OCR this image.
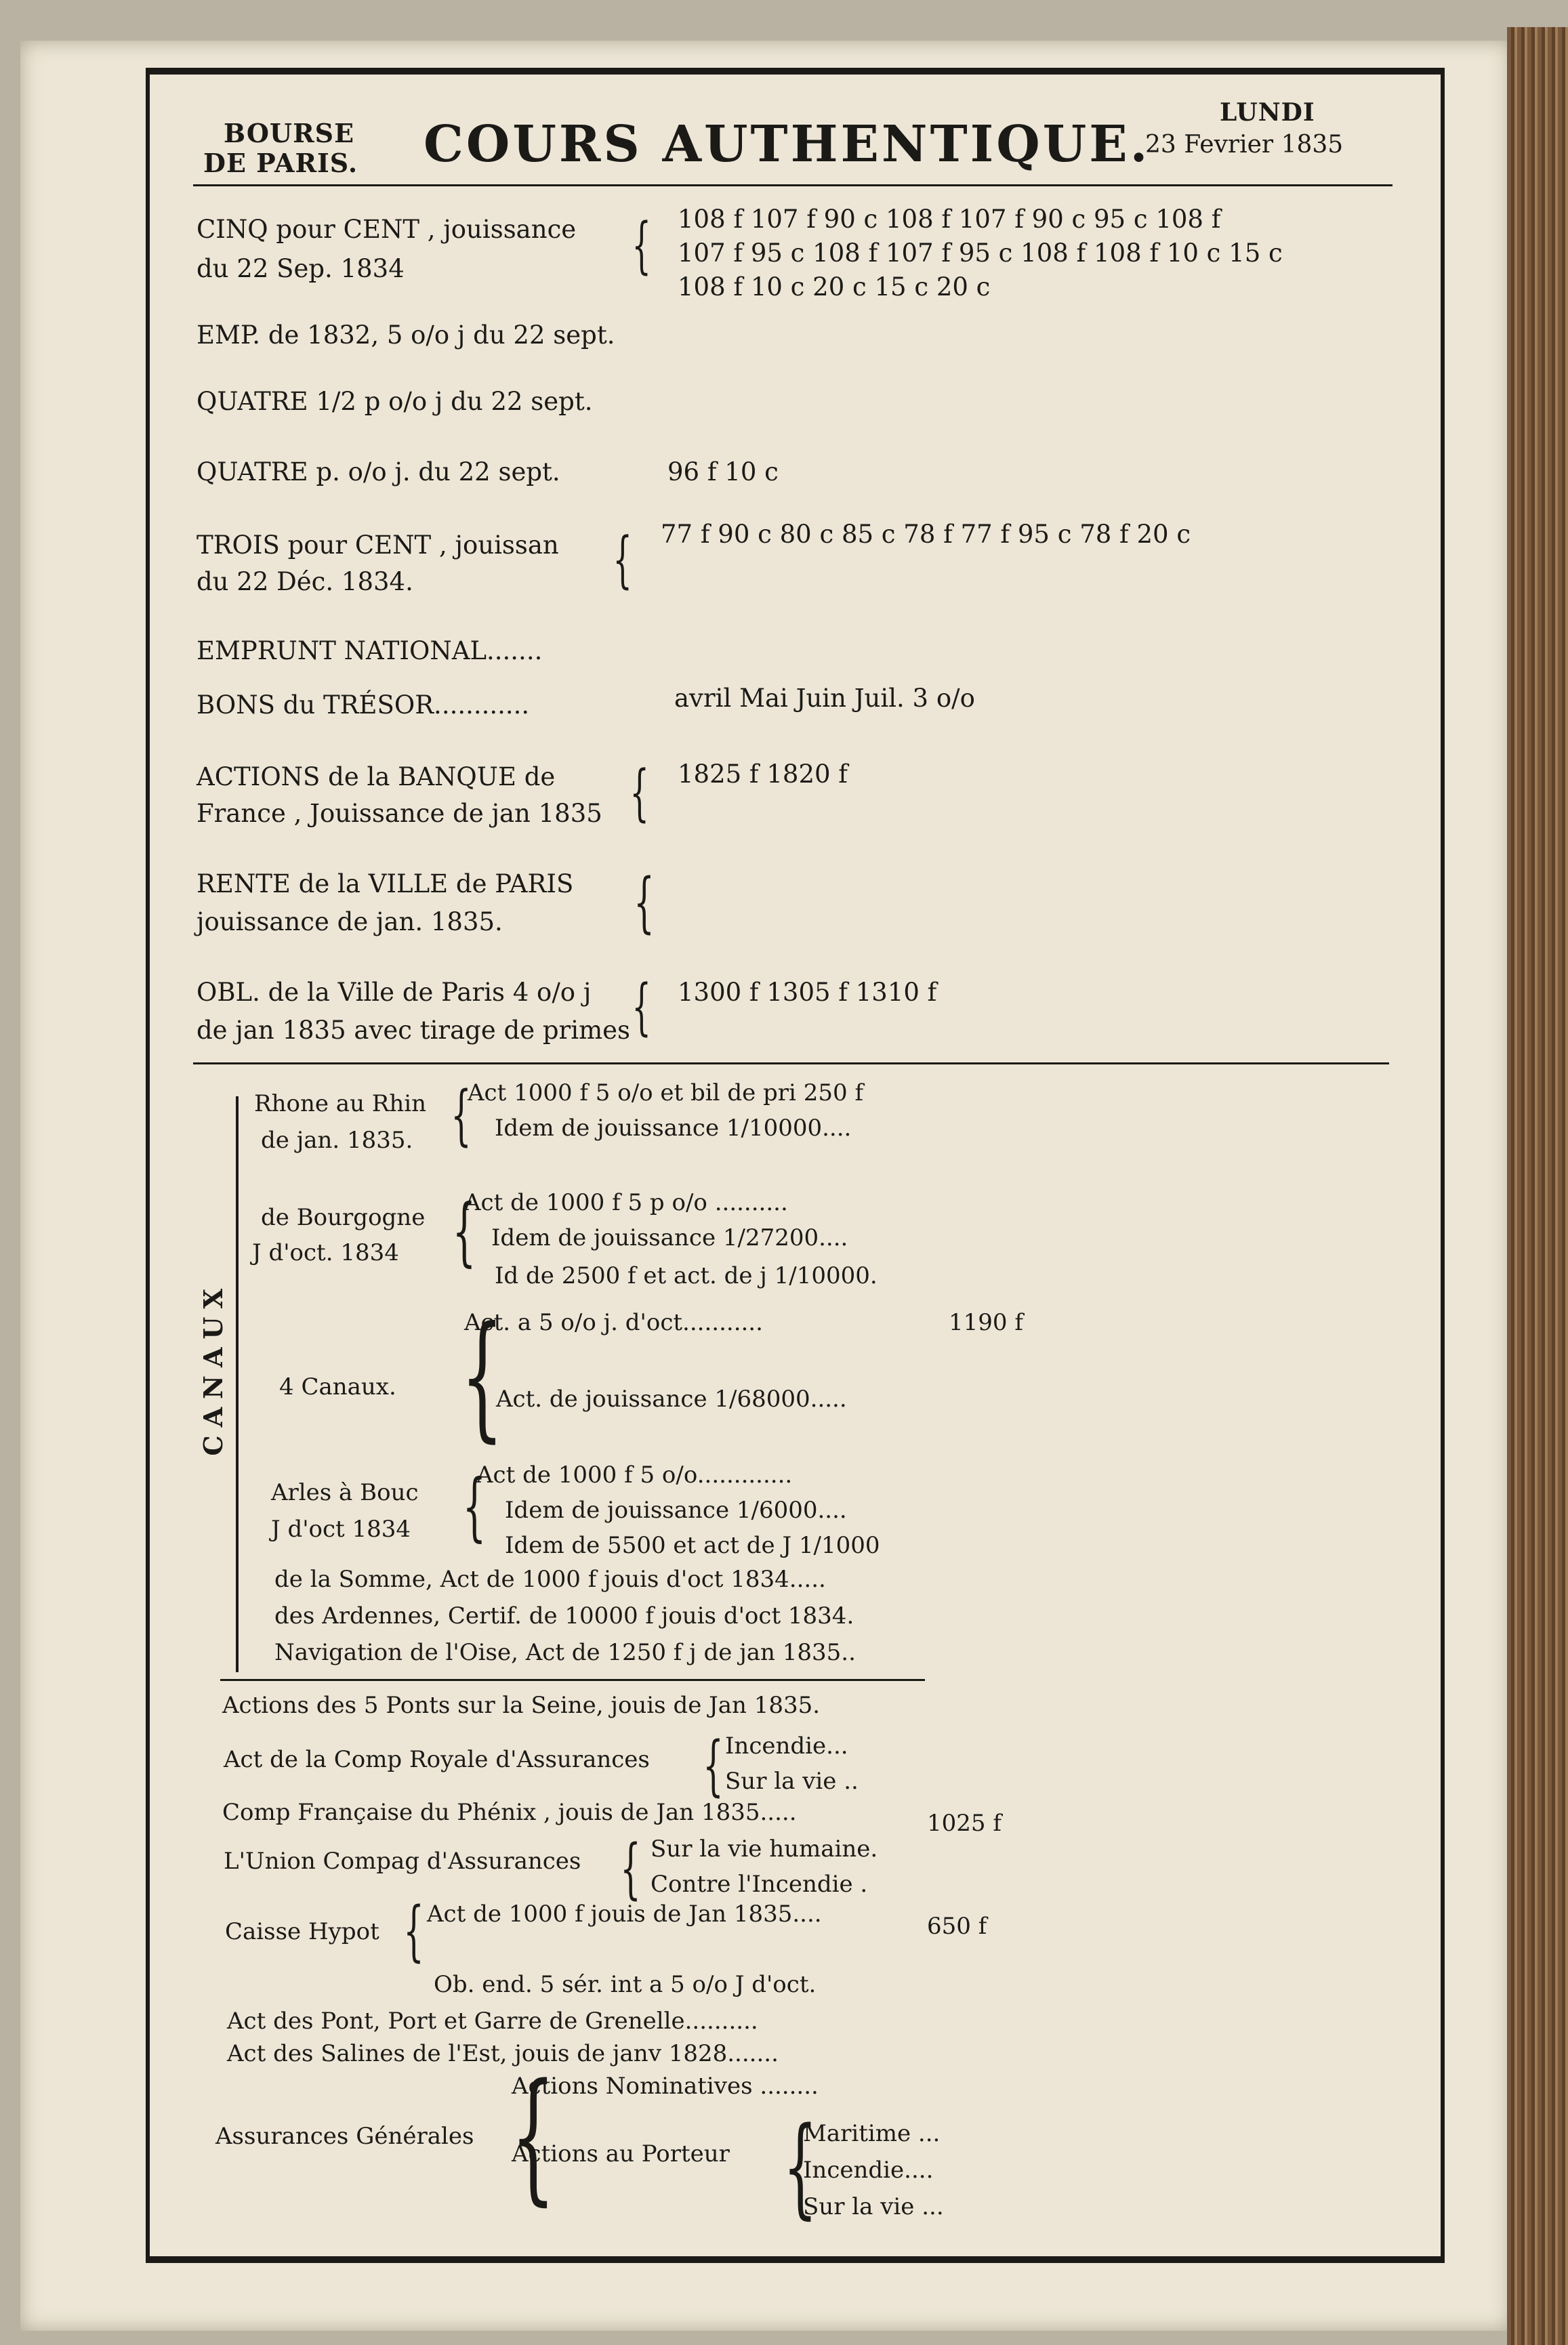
BOURSE
DE PARIS. COURS AUTHENTIQUE.
LUNDI
23 Fevrier 1835
CINQ pour CENT , jouissance
du 22 Sep. 1834	{ 108 f 107 f 90 c 108 f 107 f 90 c 95 c 108 f
107 f 95 c 108 f 107 f 95 c 108 f 108 f 10 c 15 c
108 f 10 c 20 c 15 c 20 c
EMP. de 1832, 5 o/o j du 22 sept.
QUATRE 1/2 p o/o j du 22 sept.
QUATRE p. o/o j. du 22 sept.	96 f 10 c
TROIS pour CENT , jouissan
du 22 Déc. 1834.	{ 77 f 90 c 80 c 85 c 78 f 77 f 95 c 78 f 20 c
EMPRUNT NATIONAL.......
BONS du TRÉSOR............	avril Mai Juin Juil. 3 o/o
ACTIONS de la BANQUE de
France , Jouissance de jan 1835 { 1825 f 1820 f
RENTE de la VILLE de PARIS
jouissance de jan. 1835. {
OBL. de la Ville de Paris 4 o/o j
de jan 1835 avec tirage de primes { 1300 f 1305 f 1310 f
CANAUX
Rhone au Rhin
de jan. 1835. {
Act 1000 f 5 o/o et bil de pri 250 f
Idem de jouissance 1/10000....
de Bourgogne
J d'oct. 1834 {
Act de 1000 f 5 p o/o ..........
Idem de jouissance 1/27200....
Id de 2500 f et act. de j 1/10000.
4 Canaux. {
Act. a 5 o/o j. d'oct...........	1190 f
Act. de jouissance 1/68000.....
Arles à Bouc
J d'oct 1834 {
Act de 1000 f 5 o/o.............
Idem de jouissance 1/6000....
Idem de 5500 et act de J 1/1000
de la Somme, Act de 1000 f jouis d'oct 1834.....
des Ardennes, Certif. de 10000 f jouis d'oct 1834.
Navigation de l'Oise, Act de 1250 f j de jan 1835..
Actions des 5 Ponts sur la Seine, jouis de Jan 1835.
Act de la Comp Royale d'Assurances { Incendie...
Sur la vie ..
Comp Française du Phénix , jouis de Jan 1835.....	1025 f
L'Union Compag d'Assurances { Sur la vie humaine.
Contre l'Incendie .
Caisse Hypot { Act de 1000 f jouis de Jan 1835....	650 f
Ob. end. 5 sér. int a 5 o/o J d'oct.
Act des Pont, Port et Garre de Grenelle..........
Act des Salines de l'Est, jouis de janv 1828.......
Assurances Générales {
Actions Nominatives ........
Actions au Porteur {
Maritime ...
Incendie....
Sur la vie ...
